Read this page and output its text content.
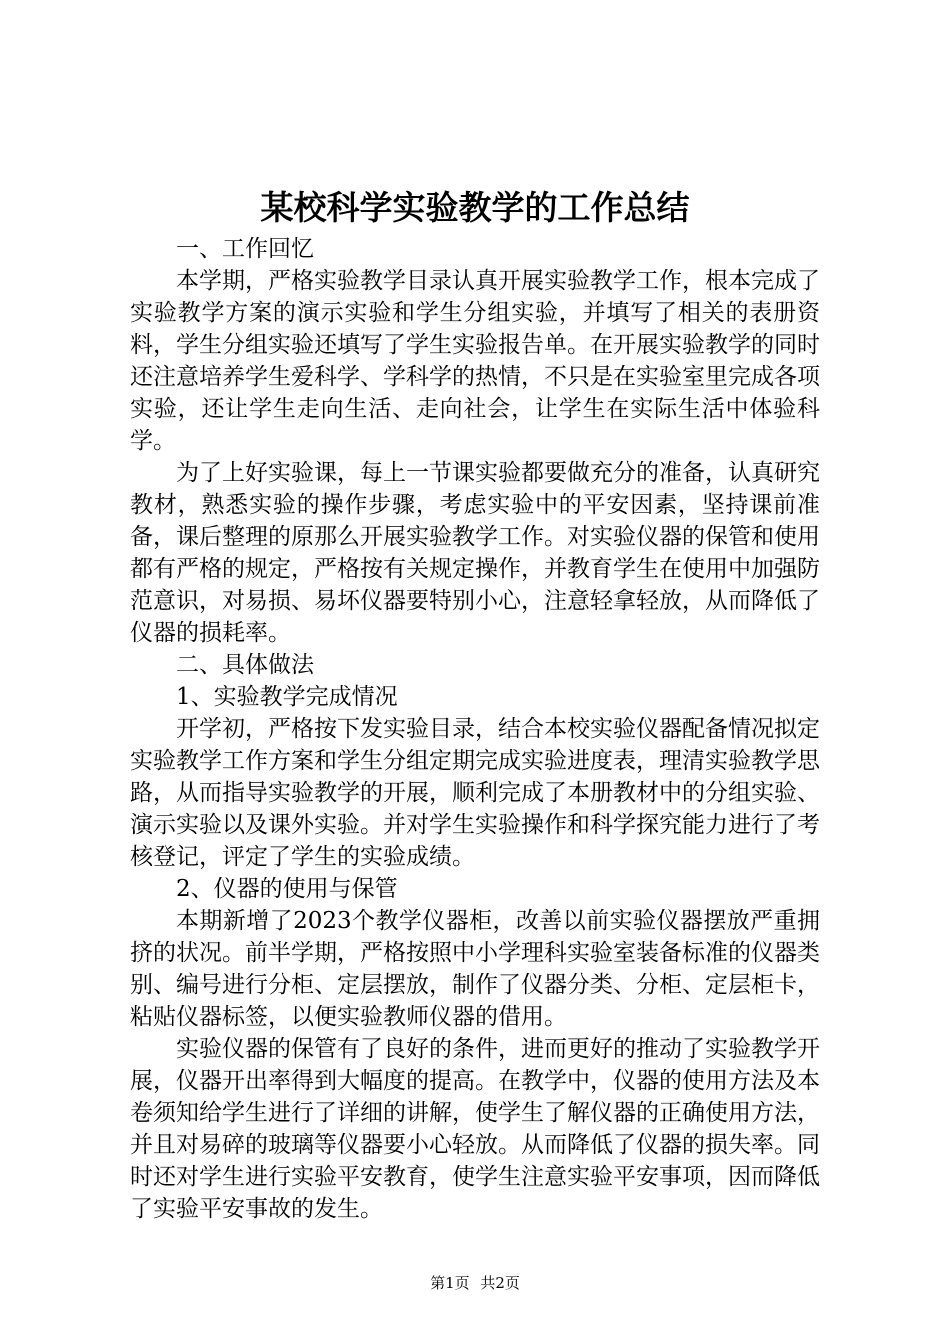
某校科学实验教学的工作总结

一、工作回忆

本学期，严格实验教学目录认真开展实验教学工作，根本完成了实验教学方案的演示实验和学生分组实验，并填写了相关的表册资料，学生分组实验还填写了学生实验报告单。在开展实验教学的同时还注意培养学生爱科学、学科学的热情，不只是在实验室里完成各项实验，还让学生走向生活、走向社会，让学生在实际生活中体验科学。

为了上好实验课，每上一节课实验都要做充分的准备，认真研究教材，熟悉实验的操作步骤，考虑实验中的平安因素，坚持课前准备，课后整理的原那么开展实验教学工作。对实验仪器的保管和使用都有严格的规定，严格按有关规定操作，并教育学生在使用中加强防范意识，对易损、易坏仪器要特别小心，注意轻拿轻放，从而降低了仪器的损耗率。

二、具体做法

1、实验教学完成情况

开学初，严格按下发实验目录，结合本校实验仪器配备情况拟定实验教学工作方案和学生分组定期完成实验进度表，理清实验教学思路，从而指导实验教学的开展，顺利完成了本册教材中的分组实验、演示实验以及课外实验。并对学生实验操作和科学探究能力进行了考核登记，评定了学生的实验成绩。

2、仪器的使用与保管

本期新增了2023个教学仪器柜，改善以前实验仪器摆放严重拥挤的状况。前半学期，严格按照中小学理科实验室装备标准的仪器类别、编号进行分柜、定层摆放，制作了仪器分类、分柜、定层柜卡，粘贴仪器标签，以便实验教师仪器的借用。

实验仪器的保管有了良好的条件，进而更好的推动了实验教学开展，仪器开出率得到大幅度的提高。在教学中，仪器的使用方法及本卷须知给学生进行了详细的讲解，使学生了解仪器的正确使用方法，并且对易碎的玻璃等仪器要小心轻放。从而降低了仪器的损失率。同时还对学生进行实验平安教育，使学生注意实验平安事项，因而降低了实验平安事故的发生。

第1页 共2页
